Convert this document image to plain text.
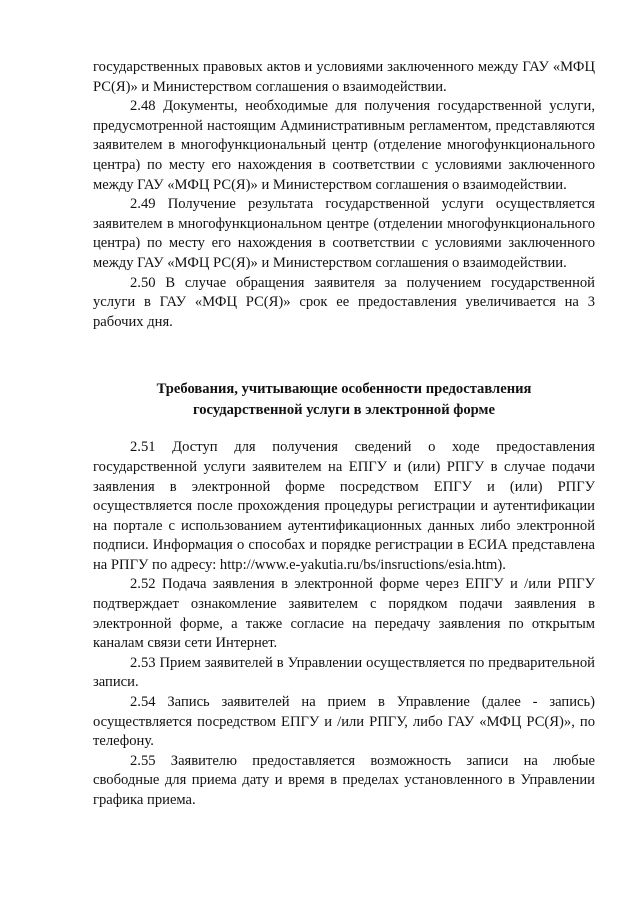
государственных правовых актов и условиями заключенного между ГАУ «МФЦ РС(Я)» и Министерством соглашения о взаимодействии.

2.48 Документы, необходимые для получения государственной услуги, предусмотренной настоящим Административным регламентом, представляются заявителем в многофункциональный центр (отделение многофункционального центра) по месту его нахождения в соответствии с условиями заключенного между ГАУ «МФЦ РС(Я)» и Министерством соглашения о взаимодействии.

2.49 Получение результата государственной услуги осуществляется заявителем в многофункциональном центре (отделении многофункционального центра) по месту его нахождения в соответствии с условиями заключенного между ГАУ «МФЦ РС(Я)» и Министерством соглашения о взаимодействии.

2.50 В случае обращения заявителя за получением государственной услуги в ГАУ «МФЦ РС(Я)» срок ее предоставления увеличивается на 3 рабочих дня.

Требования, учитывающие особенности предоставления

государственной услуги в электронной форме

2.51 Доступ для получения сведений о ходе предоставления государственной услуги заявителем на ЕПГУ и (или) РПГУ в случае подачи заявления в электронной форме посредством ЕПГУ и (или) РПГУ осуществляется после прохождения процедуры регистрации и аутентификации на портале с использованием аутентификационных данных либо электронной подписи. Информация о способах и порядке регистрации в ЕСИА представлена на РПГУ по адресу: http://www.e-yakutia.ru/bs/insructions/esia.htm).

2.52 Подача заявления в электронной форме через ЕПГУ и /или РПГУ подтверждает ознакомление заявителем с порядком подачи заявления в электронной форме, а также согласие на передачу заявления по открытым каналам связи сети Интернет.

2.53 Прием заявителей в Управлении осуществляется по предварительной записи.

2.54 Запись заявителей на прием в Управление (далее - запись) осуществляется посредством ЕПГУ и /или РПГУ, либо ГАУ «МФЦ РС(Я)», по телефону.

2.55 Заявителю предоставляется возможность записи на любые свободные для приема дату и время в пределах установленного в Управлении графика приема.
